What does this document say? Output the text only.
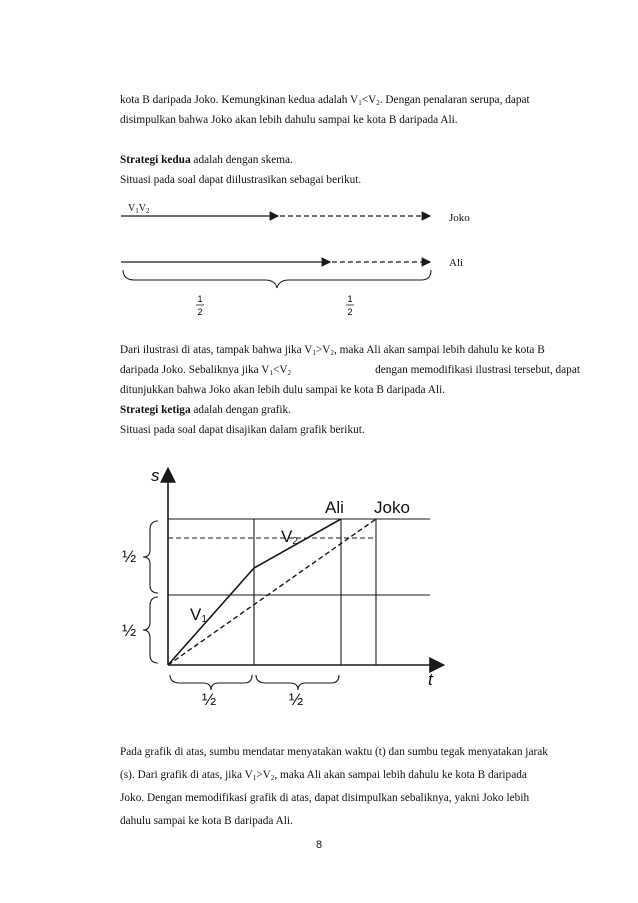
kota B daripada Joko. Kemungkinan kedua adalah $V_1<V_2$. Dengan penalaran serupa, dapat
disimpulkan bahwa Joko akan lebih dahulu sampai ke kota B daripada Ali.
Strategi kedua adalah dengan skema.
Situasi pada soal dapat diilustrasikan sebagai berikut.
1
2
1
2
$V_1V_2$
Joko
Ali
Dari ilustrasi di atas, tampak bahwa jika $V_1>V_2$, maka Ali akan sampai lebih dahulu ke kota B
daripada Joko. Sebaliknya jika $V_1<V_2$	dengan memodifikasi ilustrasi tersebut, dapat
ditunjukkan bahwa Joko akan lebih dulu sampai ke kota B daripada Ali.
Strategi ketiga adalah dengan grafik.
Situasi pada soal dapat disajikan dalam grafik berikut.
s
t
Ali Joko
$V_2$
$V_1$
½
½
½	½
Pada grafik di atas, sumbu mendatar menyatakan waktu (t) dan sumbu tegak menyatakan jarak
(s). Dari grafik di atas, jika $V_1>V_2$, maka Ali akan sampai lebih dahulu ke kota B daripada
Joko. Dengan memodifikasi grafik di atas, dapat disimpulkan sebaliknya, yakni Joko lebih
dahulu sampai ke kota B daripada Ali.
8
